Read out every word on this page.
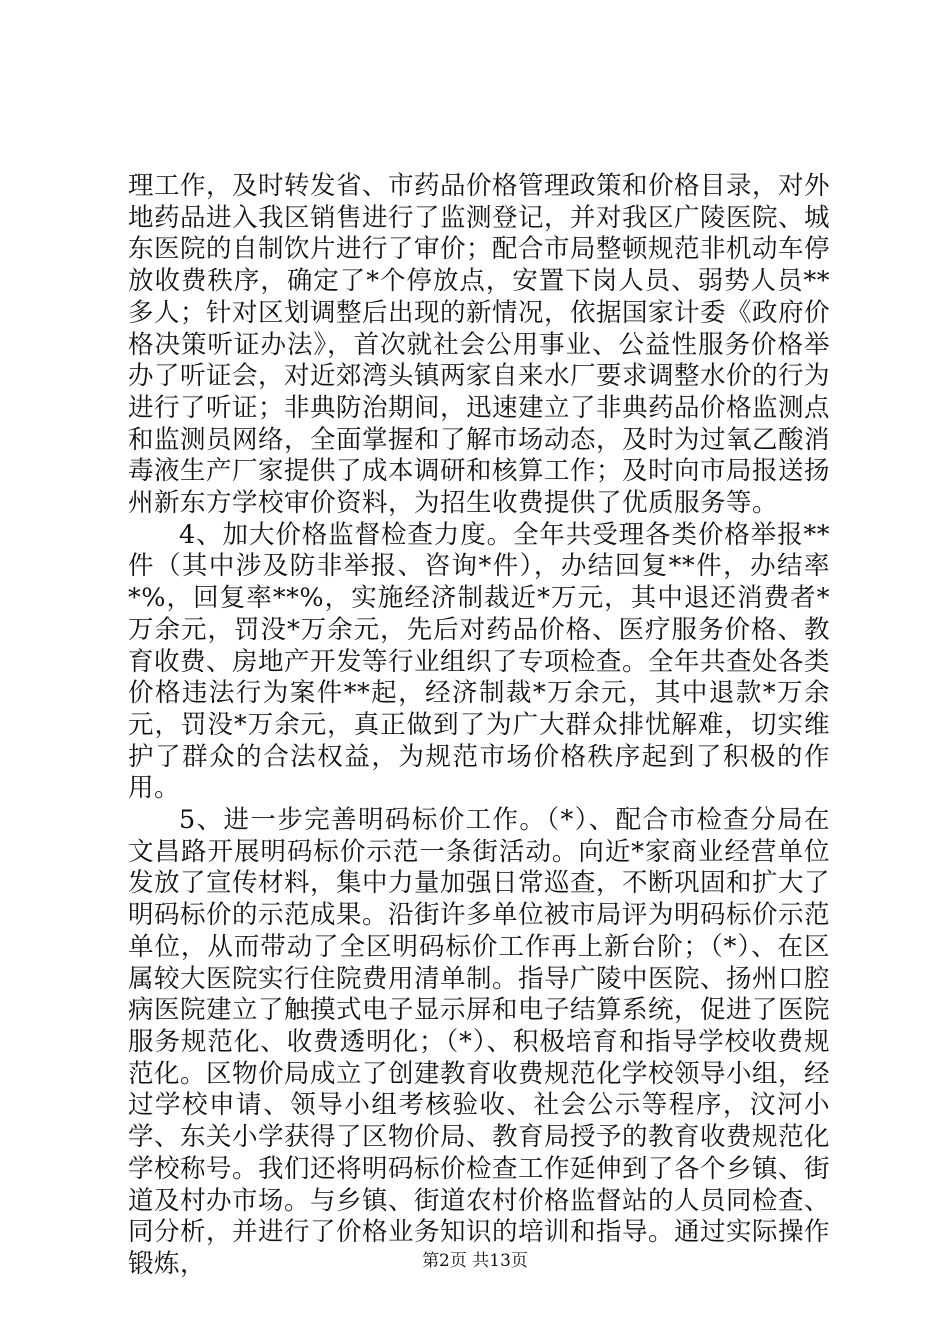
理工作，及时转发省、市药品价格管理政策和价格目录，对外地药品进入我区销售进行了监测登记，并对我区广陵医院、城东医院的自制饮片进行了审价；配合市局整顿规范非机动车停放收费秩序，确定了*个停放点，安置下岗人员、弱势人员**多人；针对区划调整后出现的新情况，依据国家计委《政府价格决策听证办法》，首次就社会公用事业、公益性服务价格举办了听证会，对近郊湾头镇两家自来水厂要求调整水价的行为进行了听证；非典防治期间，迅速建立了非典药品价格监测点和监测员网络，全面掌握和了解市场动态，及时为过氧乙酸消毒液生产厂家提供了成本调研和核算工作；及时向市局报送扬州新东方学校审价资料，为招生收费提供了优质服务等。

4、加大价格监督检查力度。全年共受理各类价格举报**件（其中涉及防非举报、咨询*件），办结回复**件，办结率*%，回复率**%，实施经济制裁近*万元，其中退还消费者*万余元，罚没*万余元，先后对药品价格、医疗服务价格、教育收费、房地产开发等行业组织了专项检查。全年共查处各类价格违法行为案件**起，经济制裁*万余元，其中退款*万余元，罚没*万余元，真正做到了为广大群众排忧解难，切实维护了群众的合法权益，为规范市场价格秩序起到了积极的作用。

5、进一步完善明码标价工作。（*）、配合市检查分局在文昌路开展明码标价示范一条街活动。向近*家商业经营单位发放了宣传材料，集中力量加强日常巡查，不断巩固和扩大了明码标价的示范成果。沿街许多单位被市局评为明码标价示范单位，从而带动了全区明码标价工作再上新台阶；（*）、在区属较大医院实行住院费用清单制。指导广陵中医院、扬州口腔病医院建立了触摸式电子显示屏和电子结算系统，促进了医院服务规范化、收费透明化；（*）、积极培育和指导学校收费规范化。区物价局成立了创建教育收费规范化学校领导小组，经过学校申请、领导小组考核验收、社会公示等程序，汶河小学、东关小学获得了区物价局、教育局授予的教育收费规范化学校称号。我们还将明码标价检查工作延伸到了各个乡镇、街道及村办市场。与乡镇、街道农村价格监督站的人员同检查、同分析，并进行了价格业务知识的培训和指导。通过实际操作锻炼，	第2页 共13页
